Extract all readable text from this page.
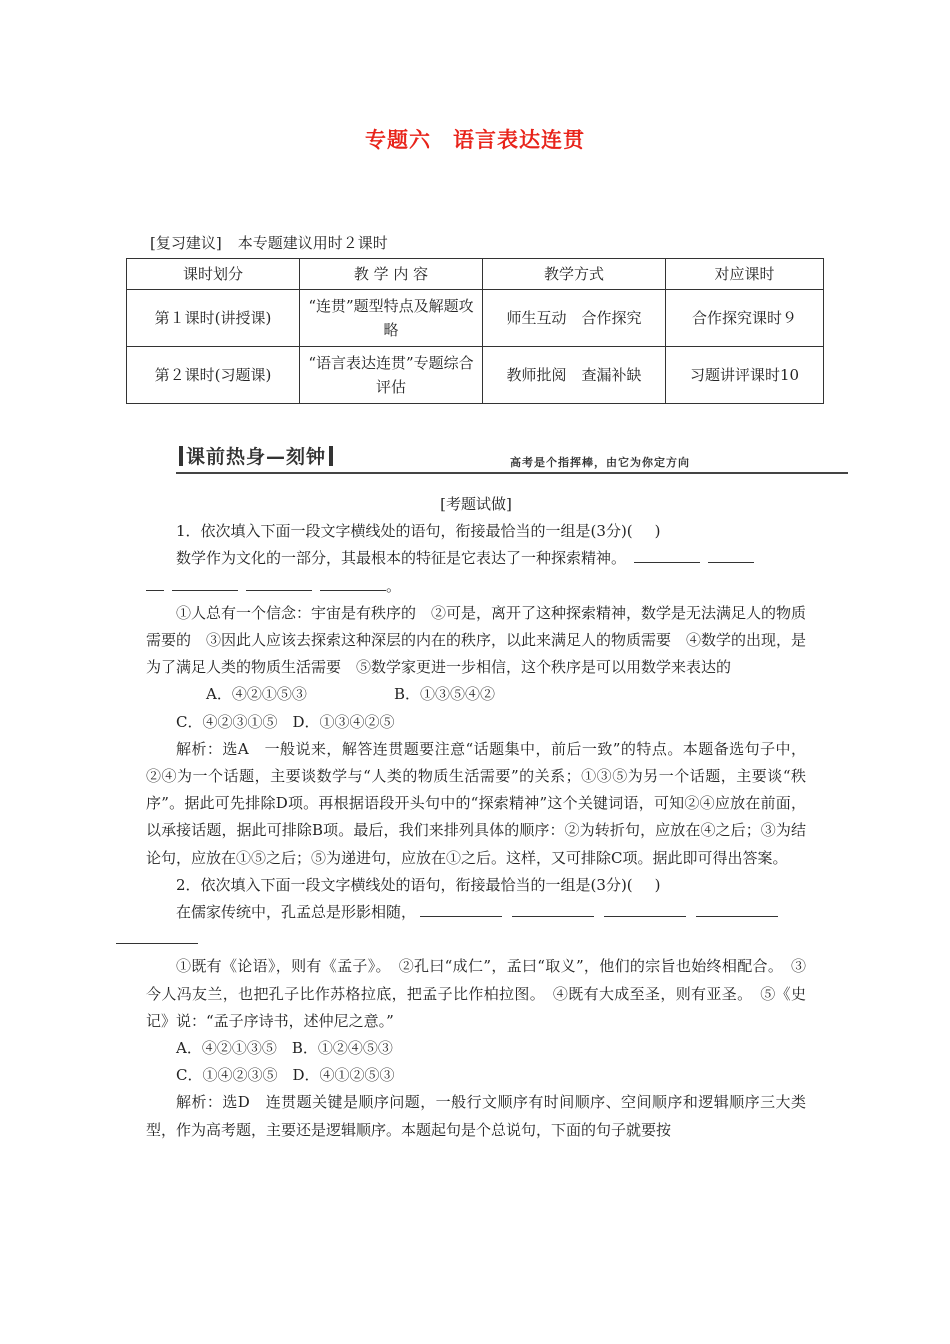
专题六　语言表达连贯
[复习建议] 本专题建议用时２课时
课时划分	教 学 内 容	教学方式	对应课时
第１课时(讲授课)	“连贯”题型特点及解题攻略	师生互动　合作探究	合作探究课时９
第２课时(习题课)	“语言表达连贯”专题综合评估	教师批阅　查漏补缺	习题讲评课时10
课前热身—刻钟	高考是个指挥棒，由它为你定方向

[考题试做]

1．依次填入下面一段文字横线处的语句，衔接最恰当的一组是(3分)( )

数学作为文化的一部分，其最根本的特征是它表达了一种探索精神。
。

①人总有一个信念：宇宙是有秩序的　②可是，离开了这种探索精神，数学是无法满足人的物质需要的　③因此人应该去探索这种深层的内在的秩序，以此来满足人的物质需要　④数学的出现，是为了满足人类的物质生活需要　⑤数学家更进一步相信，这个秩序是可以用数学来表达的

A．④②①⑤③	B．①③⑤④②

C．④②③①⑤　 D．①③④②⑤

解析：选A　一般说来，解答连贯题要注意“话题集中，前后一致”的特点。本题备选句子中，②④为一个话题，主要谈数学与“人类的物质生活需要”的关系；①③⑤为另一个话题，主要谈“秩序”。据此可先排除D项。再根据语段开头句中的“探索精神”这个关键词语，可知②④应放在前面，以承接话题，据此可排除B项。最后，我们来排列具体的顺序：②为转折句，应放在④之后；③为结论句，应放在①⑤之后；⑤为递进句，应放在①之后。这样，又可排除C项。据此即可得出答案。

2．依次填入下面一段文字横线处的语句，衔接最恰当的一组是(3分)( )

在儒家传统中，孔孟总是形影相随，

①既有《论语》，则有《孟子》。　②孔曰“成仁”，孟曰“取义”，他们的宗旨也始终相配合。　③今人冯友兰，也把孔子比作苏格拉底，把孟子比作柏拉图。　④既有大成至圣，则有亚圣。　⑤《史记》说：“孟子序诗书，述仲尼之意。”

A．④②①③⑤　 B．①②④⑤③

C．①④②③⑤　 D．④①②⑤③

解析：选D　连贯题关键是顺序问题，一般行文顺序有时间顺序、空间顺序和逻辑顺序三大类型，作为高考题，主要还是逻辑顺序。本题起句是个总说句，下面的句子就要按
